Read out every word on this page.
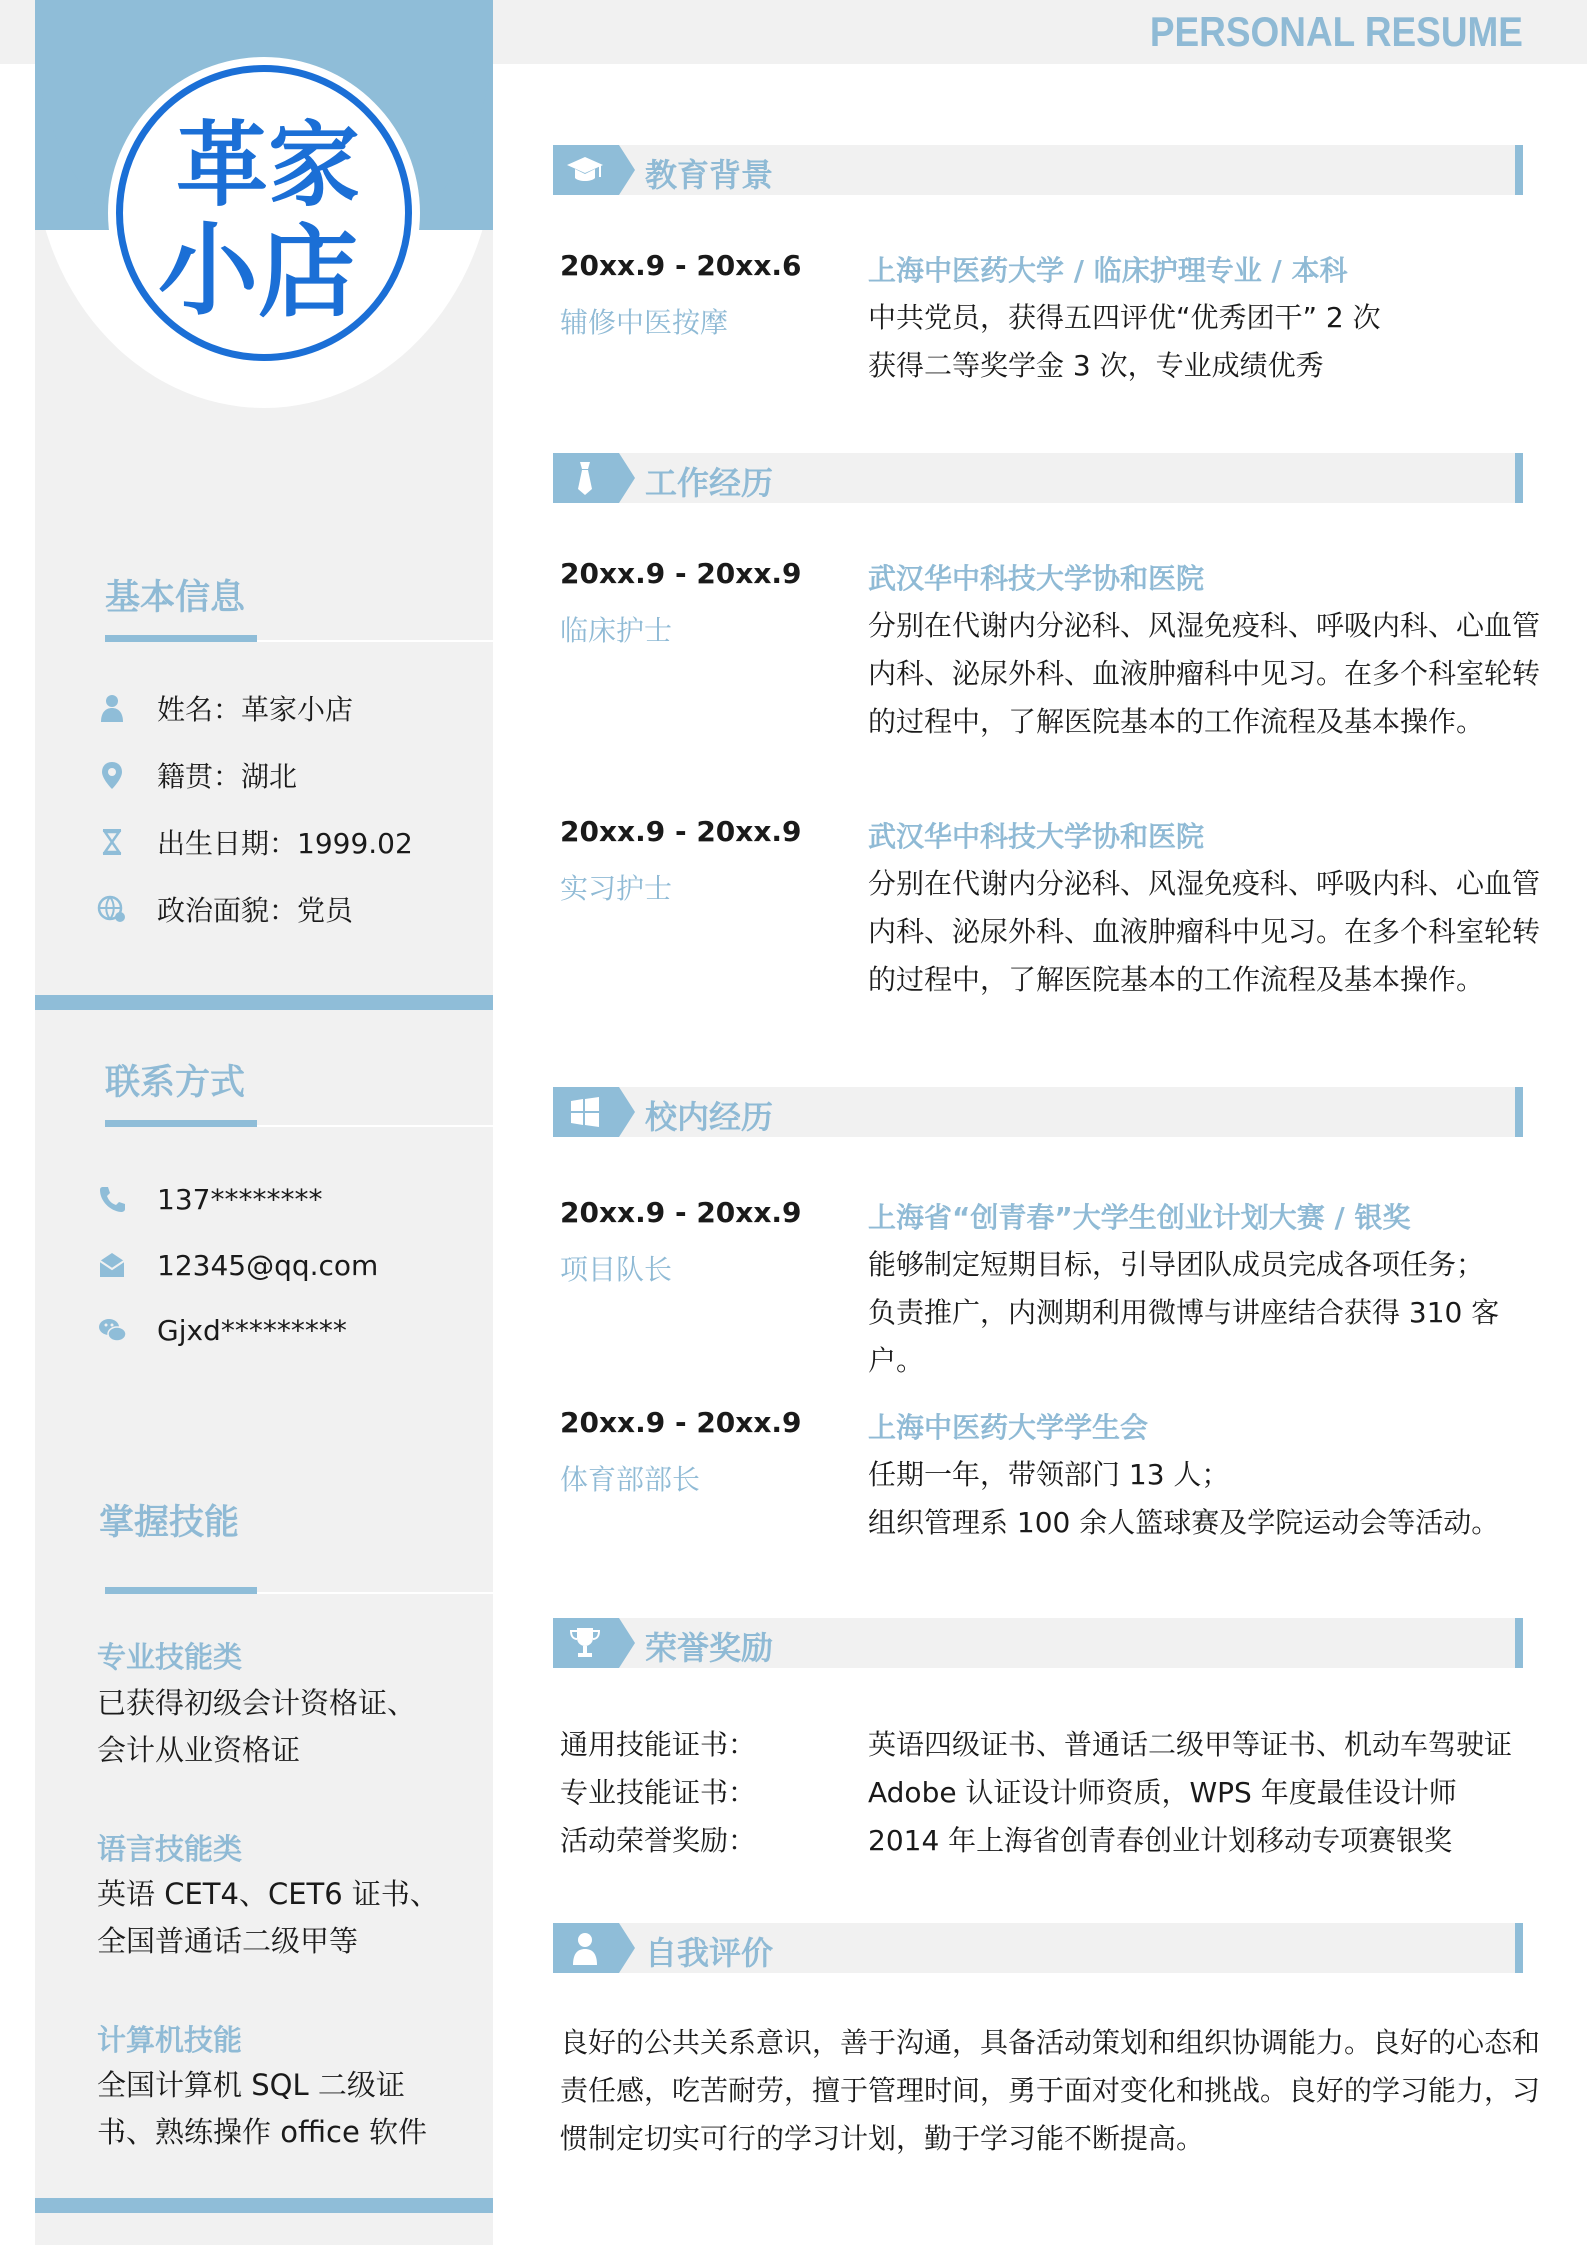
PERSONAL RESUME
革 家
小 店
基本信息
姓名：革家小店
籍贯：湖北
出生日期：1999.02
政治面貌：党员
联系方式
137********
12345@qq.com
Gjxd*********
掌握技能
专业技能类
已获得初级会计资格证、
会计从业资格证
语言技能类
英语 CET4、CET6 证书、
全国普通话二级甲等
计算机技能
全国计算机 SQL 二级证
书、熟练操作 office 软件
教育背景
20xx.9 - 20xx.6
辅修中医按摩
上海中医药大学 / 临床护理专业 / 本科
中共党员，获得五四评优“优秀团干” 2 次
获得二等奖学金 3 次，专业成绩优秀
工作经历
20xx.9 - 20xx.9
临床护士
武汉华中科技大学协和医院
分别在代谢内分泌科、风湿免疫科、呼吸内科、心血管
内科、泌尿外科、血液肿瘤科中见习。在多个科室轮转
的过程中，了解医院基本的工作流程及基本操作。
20xx.9 - 20xx.9
实习护士
武汉华中科技大学协和医院
分别在代谢内分泌科、风湿免疫科、呼吸内科、心血管
内科、泌尿外科、血液肿瘤科中见习。在多个科室轮转
的过程中，了解医院基本的工作流程及基本操作。
校内经历
20xx.9 - 20xx.9
项目队长
上海省“创青春”大学生创业计划大赛 / 银奖
能够制定短期目标，引导团队成员完成各项任务；
负责推广，内测期利用微博与讲座结合获得 310 客户。
20xx.9 - 20xx.9
体育部部长
上海中医药大学学生会
任期一年，带领部门 13 人；
组织管理系 100 余人篮球赛及学院运动会等活动。
荣誉奖励
通用技能证书：	英语四级证书、普通话二级甲等证书、机动车驾驶证
专业技能证书：	Adobe 认证设计师资质，WPS 年度最佳设计师
活动荣誉奖励：	2014 年上海省创青春创业计划移动专项赛银奖
自我评价
良好的公共关系意识，善于沟通，具备活动策划和组织协调能力。良好的心态和
责任感，吃苦耐劳，擅于管理时间，勇于面对变化和挑战。良好的学习能力，习
惯制定切实可行的学习计划，勤于学习能不断提高。
